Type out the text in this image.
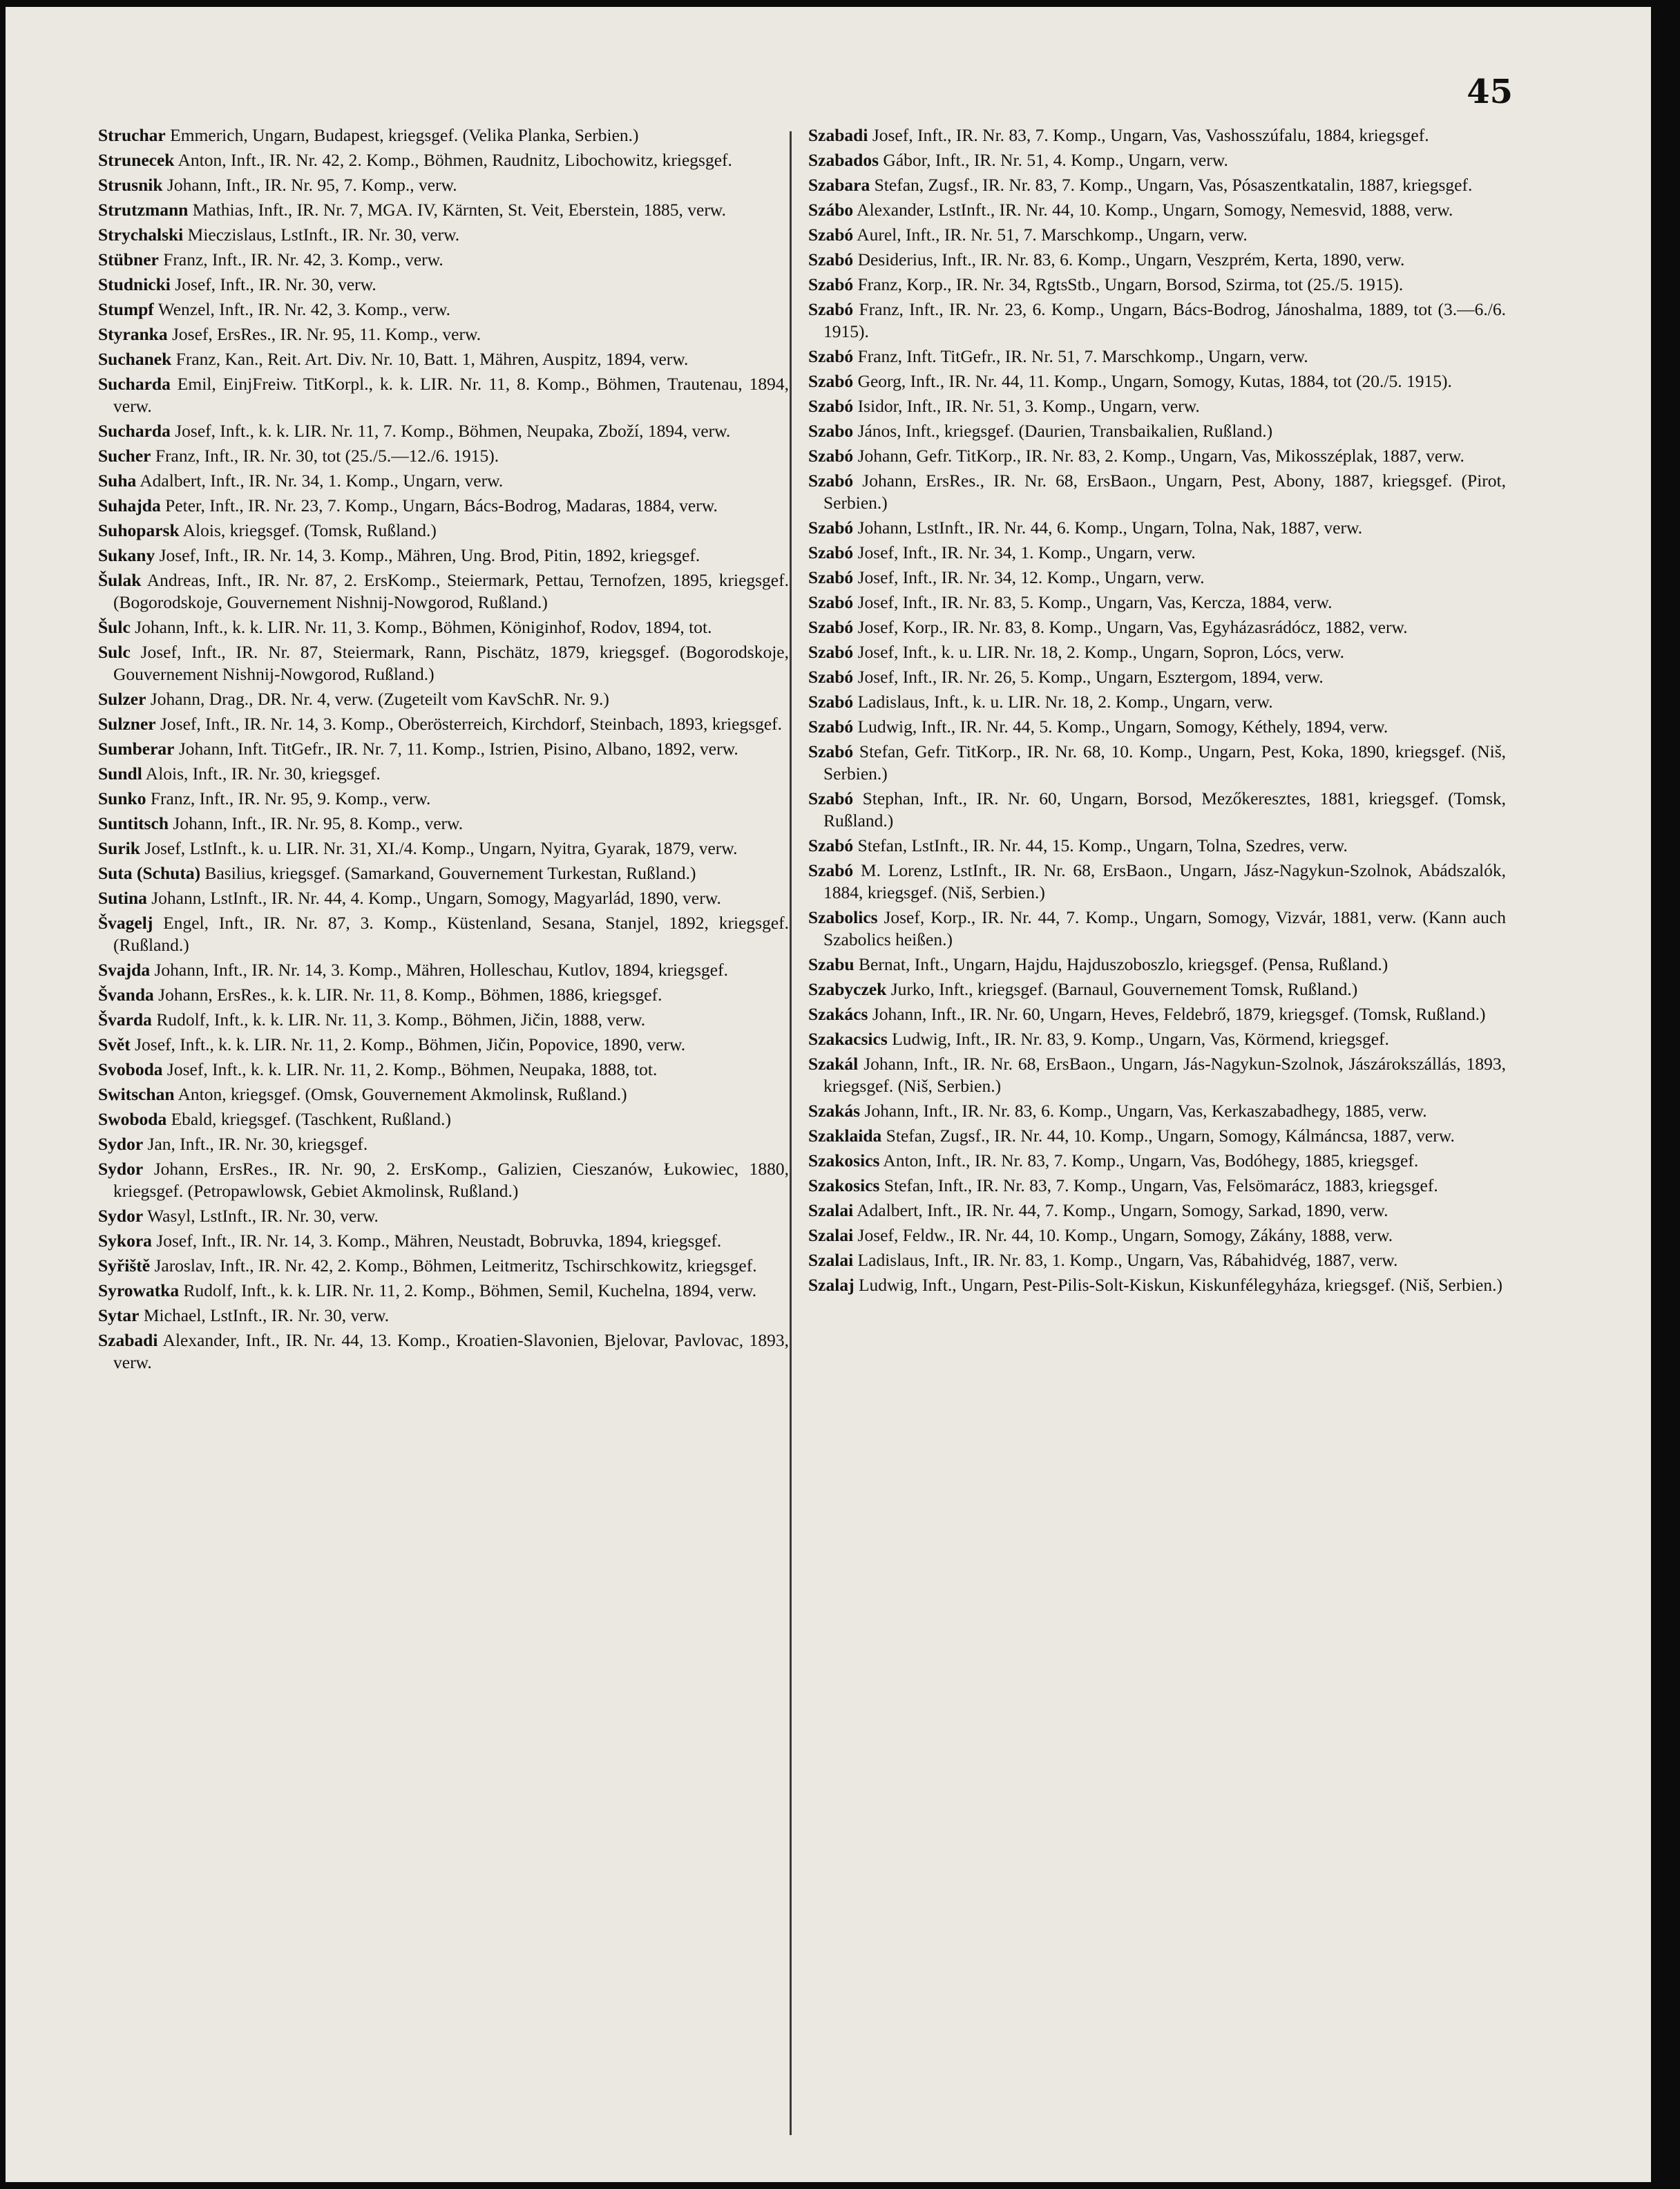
45
Struchar Emmerich, Ungarn, Budapest, kriegsgef. (Velika Planka, Serbien.)
Strunecek Anton, Inft., IR. Nr. 42, 2. Komp., Böhmen, Raudnitz, Libochowitz, kriegsgef.
Strusnik Johann, Inft., IR. Nr. 95, 7. Komp., verw.
Strutzmann Mathias, Inft., IR. Nr. 7, MGA. IV, Kärnten, St. Veit, Eberstein, 1885, verw.
Strychalski Mieczislaus, LstInft., IR. Nr. 30, verw.
Stübner Franz, Inft., IR. Nr. 42, 3. Komp., verw.
Studnicki Josef, Inft., IR. Nr. 30, verw.
Stumpf Wenzel, Inft., IR. Nr. 42, 3. Komp., verw.
Styranka Josef, ErsRes., IR. Nr. 95, 11. Komp., verw.
Suchanek Franz, Kan., Reit. Art. Div. Nr. 10, Batt. 1, Mähren, Auspitz, 1894, verw.
Sucharda Emil, EinjFreiw. TitKorpl., k. k. LIR. Nr. 11, 8. Komp., Böhmen, Trautenau, 1894, verw.
Sucharda Josef, Inft., k. k. LIR. Nr. 11, 7. Komp., Böhmen, Neupaka, Zboží, 1894, verw.
Sucher Franz, Inft., IR. Nr. 30, tot (25./5.—12./6. 1915).
Suha Adalbert, Inft., IR. Nr. 34, 1. Komp., Ungarn, verw.
Suhajda Peter, Inft., IR. Nr. 23, 7. Komp., Ungarn, Bács-Bodrog, Madaras, 1884, verw.
Suhoparsk Alois, kriegsgef. (Tomsk, Rußland.)
Sukany Josef, Inft., IR. Nr. 14, 3. Komp., Mähren, Ung. Brod, Pitin, 1892, kriegsgef.
Šulak Andreas, Inft., IR. Nr. 87, 2. ErsKomp., Steiermark, Pettau, Ternofzen, 1895, kriegsgef. (Bogorodskoje, Gouvernement Nishnij-Nowgorod, Rußland.)
Šulc Johann, Inft., k. k. LIR. Nr. 11, 3. Komp., Böhmen, Königinhof, Rodov, 1894, tot.
Sulc Josef, Inft., IR. Nr. 87, Steiermark, Rann, Pischätz, 1879, kriegsgef. (Bogorodskoje, Gouvernement Nishnij-Nowgorod, Rußland.)
Sulzer Johann, Drag., DR. Nr. 4, verw. (Zugeteilt vom KavSchR. Nr. 9.)
Sulzner Josef, Inft., IR. Nr. 14, 3. Komp., Oberösterreich, Kirchdorf, Steinbach, 1893, kriegsgef.
Sumberar Johann, Inft. TitGefr., IR. Nr. 7, 11. Komp., Istrien, Pisino, Albano, 1892, verw.
Sundl Alois, Inft., IR. Nr. 30, kriegsgef.
Sunko Franz, Inft., IR. Nr. 95, 9. Komp., verw.
Suntitsch Johann, Inft., IR. Nr. 95, 8. Komp., verw.
Surik Josef, LstInft., k. u. LIR. Nr. 31, XI./4. Komp., Ungarn, Nyitra, Gyarak, 1879, verw.
Suta (Schuta) Basilius, kriegsgef. (Samarkand, Gouvernement Turkestan, Rußland.)
Sutina Johann, LstInft., IR. Nr. 44, 4. Komp., Ungarn, Somogy, Magyarlád, 1890, verw.
Švagelj Engel, Inft., IR. Nr. 87, 3. Komp., Küstenland, Sesana, Stanjel, 1892, kriegsgef. (Rußland.)
Svajda Johann, Inft., IR. Nr. 14, 3. Komp., Mähren, Holleschau, Kutlov, 1894, kriegsgef.
Švanda Johann, ErsRes., k. k. LIR. Nr. 11, 8. Komp., Böhmen, 1886, kriegsgef.
Švarda Rudolf, Inft., k. k. LIR. Nr. 11, 3. Komp., Böhmen, Jičin, 1888, verw.
Svět Josef, Inft., k. k. LIR. Nr. 11, 2. Komp., Böhmen, Jičin, Popovice, 1890, verw.
Svoboda Josef, Inft., k. k. LIR. Nr. 11, 2. Komp., Böhmen, Neupaka, 1888, tot.
Switschan Anton, kriegsgef. (Omsk, Gouvernement Akmolinsk, Rußland.)
Swoboda Ebald, kriegsgef. (Taschkent, Rußland.)
Sydor Jan, Inft., IR. Nr. 30, kriegsgef.
Sydor Johann, ErsRes., IR. Nr. 90, 2. ErsKomp., Galizien, Cieszanów, Łukowiec, 1880, kriegsgef. (Petropawlowsk, Gebiet Akmolinsk, Rußland.)
Sydor Wasyl, LstInft., IR. Nr. 30, verw.
Sykora Josef, Inft., IR. Nr. 14, 3. Komp., Mähren, Neustadt, Bobruvka, 1894, kriegsgef.
Syřiště Jaroslav, Inft., IR. Nr. 42, 2. Komp., Böhmen, Leitmeritz, Tschirschkowitz, kriegsgef.
Syrowatka Rudolf, Inft., k. k. LIR. Nr. 11, 2. Komp., Böhmen, Semil, Kuchelna, 1894, verw.
Sytar Michael, LstInft., IR. Nr. 30, verw.
Szabadi Alexander, Inft., IR. Nr. 44, 13. Komp., Kroatien-Slavonien, Bjelovar, Pavlovac, 1893, verw.
Szabadi Josef, Inft., IR. Nr. 83, 7. Komp., Ungarn, Vas, Vashosszúfalu, 1884, kriegsgef.
Szabados Gábor, Inft., IR. Nr. 51, 4. Komp., Ungarn, verw.
Szabara Stefan, Zugsf., IR. Nr. 83, 7. Komp., Ungarn, Vas, Pósaszentkatalin, 1887, kriegsgef.
Szábo Alexander, LstInft., IR. Nr. 44, 10. Komp., Ungarn, Somogy, Nemesvid, 1888, verw.
Szabó Aurel, Inft., IR. Nr. 51, 7. Marschkomp., Ungarn, verw.
Szabó Desiderius, Inft., IR. Nr. 83, 6. Komp., Ungarn, Veszprém, Kerta, 1890, verw.
Szabó Franz, Korp., IR. Nr. 34, RgtsStb., Ungarn, Borsod, Szirma, tot (25./5. 1915).
Szabó Franz, Inft., IR. Nr. 23, 6. Komp., Ungarn, Bács-Bodrog, Jánoshalma, 1889, tot (3.—6./6. 1915).
Szabó Franz, Inft. TitGefr., IR. Nr. 51, 7. Marschkomp., Ungarn, verw.
Szabó Georg, Inft., IR. Nr. 44, 11. Komp., Ungarn, Somogy, Kutas, 1884, tot (20./5. 1915).
Szabó Isidor, Inft., IR. Nr. 51, 3. Komp., Ungarn, verw.
Szabo János, Inft., kriegsgef. (Daurien, Transbaikalien, Rußland.)
Szabó Johann, Gefr. TitKorp., IR. Nr. 83, 2. Komp., Ungarn, Vas, Mikosszéplak, 1887, verw.
Szabó Johann, ErsRes., IR. Nr. 68, ErsBaon., Ungarn, Pest, Abony, 1887, kriegsgef. (Pirot, Serbien.)
Szabó Johann, LstInft., IR. Nr. 44, 6. Komp., Ungarn, Tolna, Nak, 1887, verw.
Szabó Josef, Inft., IR. Nr. 34, 1. Komp., Ungarn, verw.
Szabó Josef, Inft., IR. Nr. 34, 12. Komp., Ungarn, verw.
Szabó Josef, Inft., IR. Nr. 83, 5. Komp., Ungarn, Vas, Kercza, 1884, verw.
Szabó Josef, Korp., IR. Nr. 83, 8. Komp., Ungarn, Vas, Egyházasrádócz, 1882, verw.
Szabó Josef, Inft., k. u. LIR. Nr. 18, 2. Komp., Ungarn, Sopron, Lócs, verw.
Szabó Josef, Inft., IR. Nr. 26, 5. Komp., Ungarn, Esztergom, 1894, verw.
Szabó Ladislaus, Inft., k. u. LIR. Nr. 18, 2. Komp., Ungarn, verw.
Szabó Ludwig, Inft., IR. Nr. 44, 5. Komp., Ungarn, Somogy, Kéthely, 1894, verw.
Szabó Stefan, Gefr. TitKorp., IR. Nr. 68, 10. Komp., Ungarn, Pest, Koka, 1890, kriegsgef. (Niš, Serbien.)
Szabó Stephan, Inft., IR. Nr. 60, Ungarn, Borsod, Mezőkeresztes, 1881, kriegsgef. (Tomsk, Rußland.)
Szabó Stefan, LstInft., IR. Nr. 44, 15. Komp., Ungarn, Tolna, Szedres, verw.
Szabó M. Lorenz, LstInft., IR. Nr. 68, ErsBaon., Ungarn, Jász-Nagykun-Szolnok, Abádszalók, 1884, kriegsgef. (Niš, Serbien.)
Szabolics Josef, Korp., IR. Nr. 44, 7. Komp., Ungarn, Somogy, Vizvár, 1881, verw. (Kann auch Szabolics heißen.)
Szabu Bernat, Inft., Ungarn, Hajdu, Hajduszoboszlo, kriegsgef. (Pensa, Rußland.)
Szabyczek Jurko, Inft., kriegsgef. (Barnaul, Gouvernement Tomsk, Rußland.)
Szakács Johann, Inft., IR. Nr. 60, Ungarn, Heves, Feldebrő, 1879, kriegsgef. (Tomsk, Rußland.)
Szakacsics Ludwig, Inft., IR. Nr. 83, 9. Komp., Ungarn, Vas, Körmend, kriegsgef.
Szakál Johann, Inft., IR. Nr. 68, ErsBaon., Ungarn, Jás-Nagykun-Szolnok, Jászárokszállás, 1893, kriegsgef. (Niš, Serbien.)
Szakás Johann, Inft., IR. Nr. 83, 6. Komp., Ungarn, Vas, Kerkaszabadhegy, 1885, verw.
Szaklaida Stefan, Zugsf., IR. Nr. 44, 10. Komp., Ungarn, Somogy, Kálmáncsa, 1887, verw.
Szakosics Anton, Inft., IR. Nr. 83, 7. Komp., Ungarn, Vas, Bodóhegy, 1885, kriegsgef.
Szakosics Stefan, Inft., IR. Nr. 83, 7. Komp., Ungarn, Vas, Felsömarácz, 1883, kriegsgef.
Szalai Adalbert, Inft., IR. Nr. 44, 7. Komp., Ungarn, Somogy, Sarkad, 1890, verw.
Szalai Josef, Feldw., IR. Nr. 44, 10. Komp., Ungarn, Somogy, Zákány, 1888, verw.
Szalai Ladislaus, Inft., IR. Nr. 83, 1. Komp., Ungarn, Vas, Rábahidvég, 1887, verw.
Szalaj Ludwig, Inft., Ungarn, Pest-Pilis-Solt-Kiskun, Kiskunfélegyháza, kriegsgef. (Niš, Serbien.)
